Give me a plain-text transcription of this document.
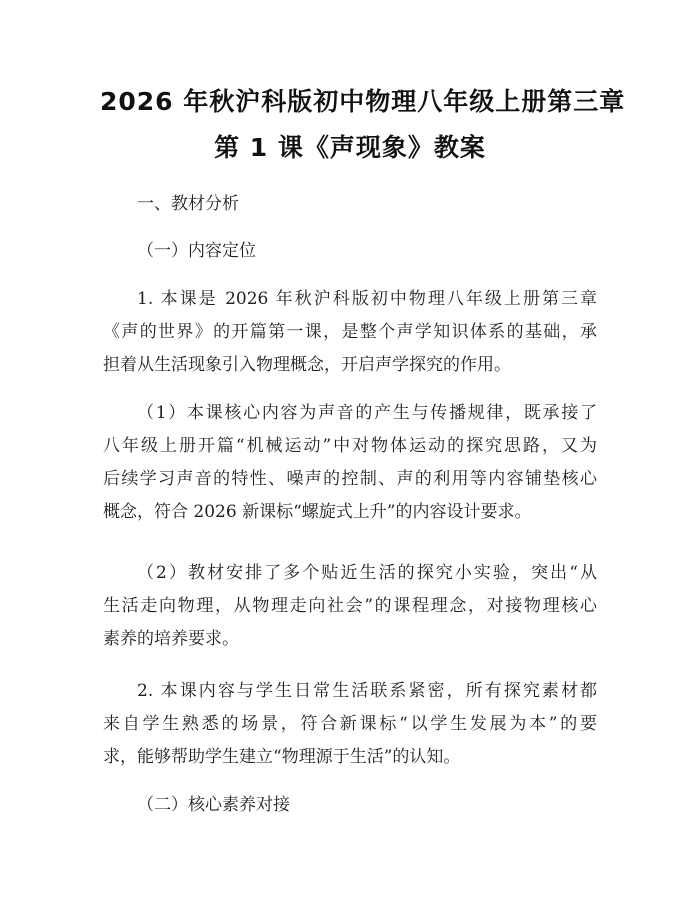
2026 年秋沪科版初中物理八年级上册第三章
第 1 课《声现象》教案
一、教材分析
（一）内容定位
1. 本课是 2026 年秋沪科版初中物理八年级上册第三章
《声的世界》的开篇第一课，是整个声学知识体系的基础，承
担着从生活现象引入物理概念，开启声学探究的作用。
（1）本课核心内容为声音的产生与传播规律，既承接了
八年级上册开篇“机械运动”中对物体运动的探究思路，又为
后续学习声音的特性、噪声的控制、声的利用等内容铺垫核心
概念，符合 2026 新课标“螺旋式上升”的内容设计要求。
（2）教材安排了多个贴近生活的探究小实验，突出“从
生活走向物理，从物理走向社会”的课程理念，对接物理核心
素养的培养要求。
2. 本课内容与学生日常生活联系紧密，所有探究素材都
来自学生熟悉的场景，符合新课标“以学生发展为本”的要
求，能够帮助学生建立“物理源于生活”的认知。
（二）核心素养对接
